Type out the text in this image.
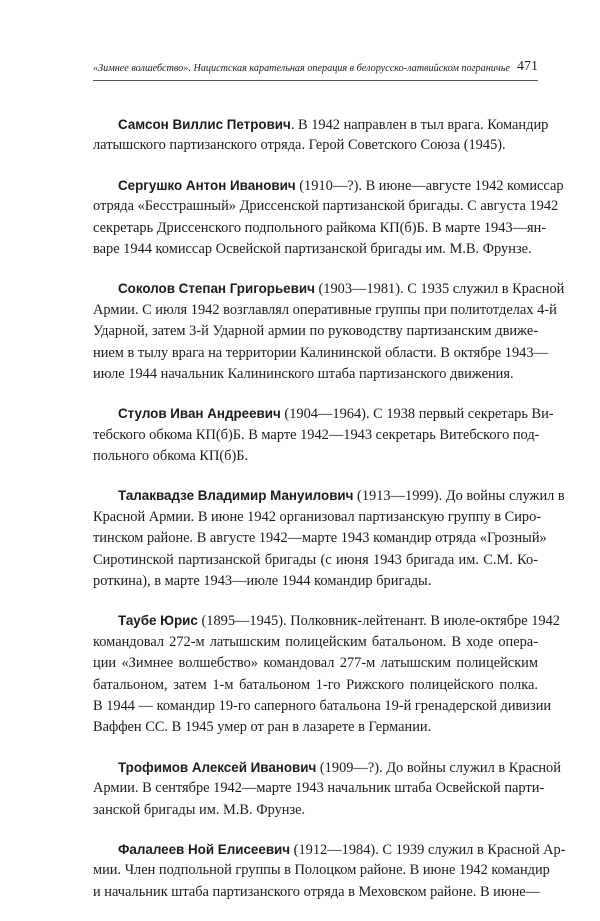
«Зимнее волшебство». Нацистская карательная операция в белорусско-латвийском пограничье 471
Самсон Виллис Петрович. В 1942 направлен в тыл врага. Командир
латышского партизанского отряда. Герой Советского Союза (1945).
Сергушко Антон Иванович (1910—?). В июне—августе 1942 комиссар
отряда «Бесстрашный» Дриссенской партизанской бригады. С августа 1942
секретарь Дриссенского подпольного райкома КП(б)Б. В марте 1943—ян-
варе 1944 комиссар Освейской партизанской бригады им. М.В. Фрунзе.
Соколов Степан Григорьевич (1903—1981). С 1935 служил в Красной
Армии. С июля 1942 возглавлял оперативные группы при политотделах 4-й
Ударной, затем 3-й Ударной армии по руководству партизанским движе-
нием в тылу врага на территории Калининской области. В октябре 1943—
июле 1944 начальник Калининского штаба партизанского движения.
Стулов Иван Андреевич (1904—1964). С 1938 первый секретарь Ви-
тебского обкома КП(б)Б. В марте 1942—1943 секретарь Витебского под-
польного обкома КП(б)Б.
Талаквадзе Владимир Мануилович (1913—1999). До войны служил в
Красной Армии. В июне 1942 организовал партизанскую группу в Сиро-
тинском районе. В августе 1942—марте 1943 командир отряда «Грозный»
Сиротинской партизанской бригады (с июня 1943 бригада им. С.М. Ко-
роткина), в марте 1943—июле 1944 командир бригады.
Таубе Юрис (1895—1945). Полковник-лейтенант. В июле-октябре 1942
командовал 272-м латышским полицейским батальоном. В ходе опера-
ции «Зимнее волшебство» командовал 277-м латышским полицейским
батальоном, затем 1-м батальоном 1-го Рижского полицейского полка.
В 1944 — командир 19-го саперного батальона 19-й гренадерской дивизии
Ваффен СС. В 1945 умер от ран в лазарете в Германии.
Трофимов Алексей Иванович (1909—?). До войны служил в Красной
Армии. В сентябре 1942—марте 1943 начальник штаба Освейской парти-
занской бригады им. М.В. Фрунзе.
Фалалеев Ной Елисеевич (1912—1984). С 1939 служил в Красной Ар-
мии. Член подпольной группы в Полоцком районе. В июне 1942 командир
и начальник штаба партизанского отряда в Меховском районе. В июне—
